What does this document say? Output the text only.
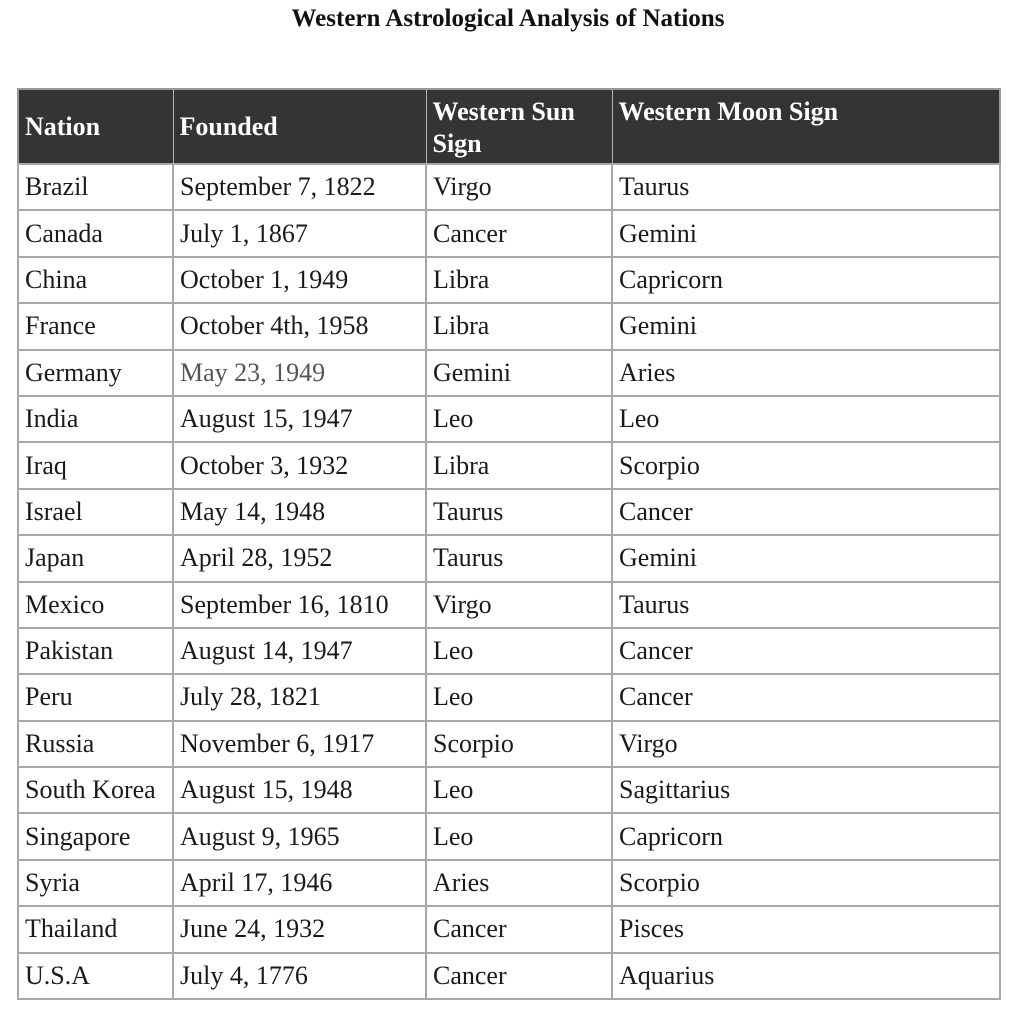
Western Astrological Analysis of Nations
Nation	Founded	Western Sun Sign	Western Moon Sign
Brazil	September 7, 1822	Virgo	Taurus
Canada	July 1, 1867	Cancer	Gemini
China	October 1, 1949	Libra	Capricorn
France	October 4th, 1958	Libra	Gemini
Germany	May 23, 1949	Gemini	Aries
India	August 15, 1947	Leo	Leo
Iraq	October 3, 1932	Libra	Scorpio
Israel	May 14, 1948	Taurus	Cancer
Japan	April 28, 1952	Taurus	Gemini
Mexico	September 16, 1810	Virgo	Taurus
Pakistan	August 14, 1947	Leo	Cancer
Peru	July 28, 1821	Leo	Cancer
Russia	November 6, 1917	Scorpio	Virgo
South Korea	August 15, 1948	Leo	Sagittarius
Singapore	August 9, 1965	Leo	Capricorn
Syria	April 17, 1946	Aries	Scorpio
Thailand	June 24, 1932	Cancer	Pisces
U.S.A	July 4, 1776	Cancer	Aquarius
